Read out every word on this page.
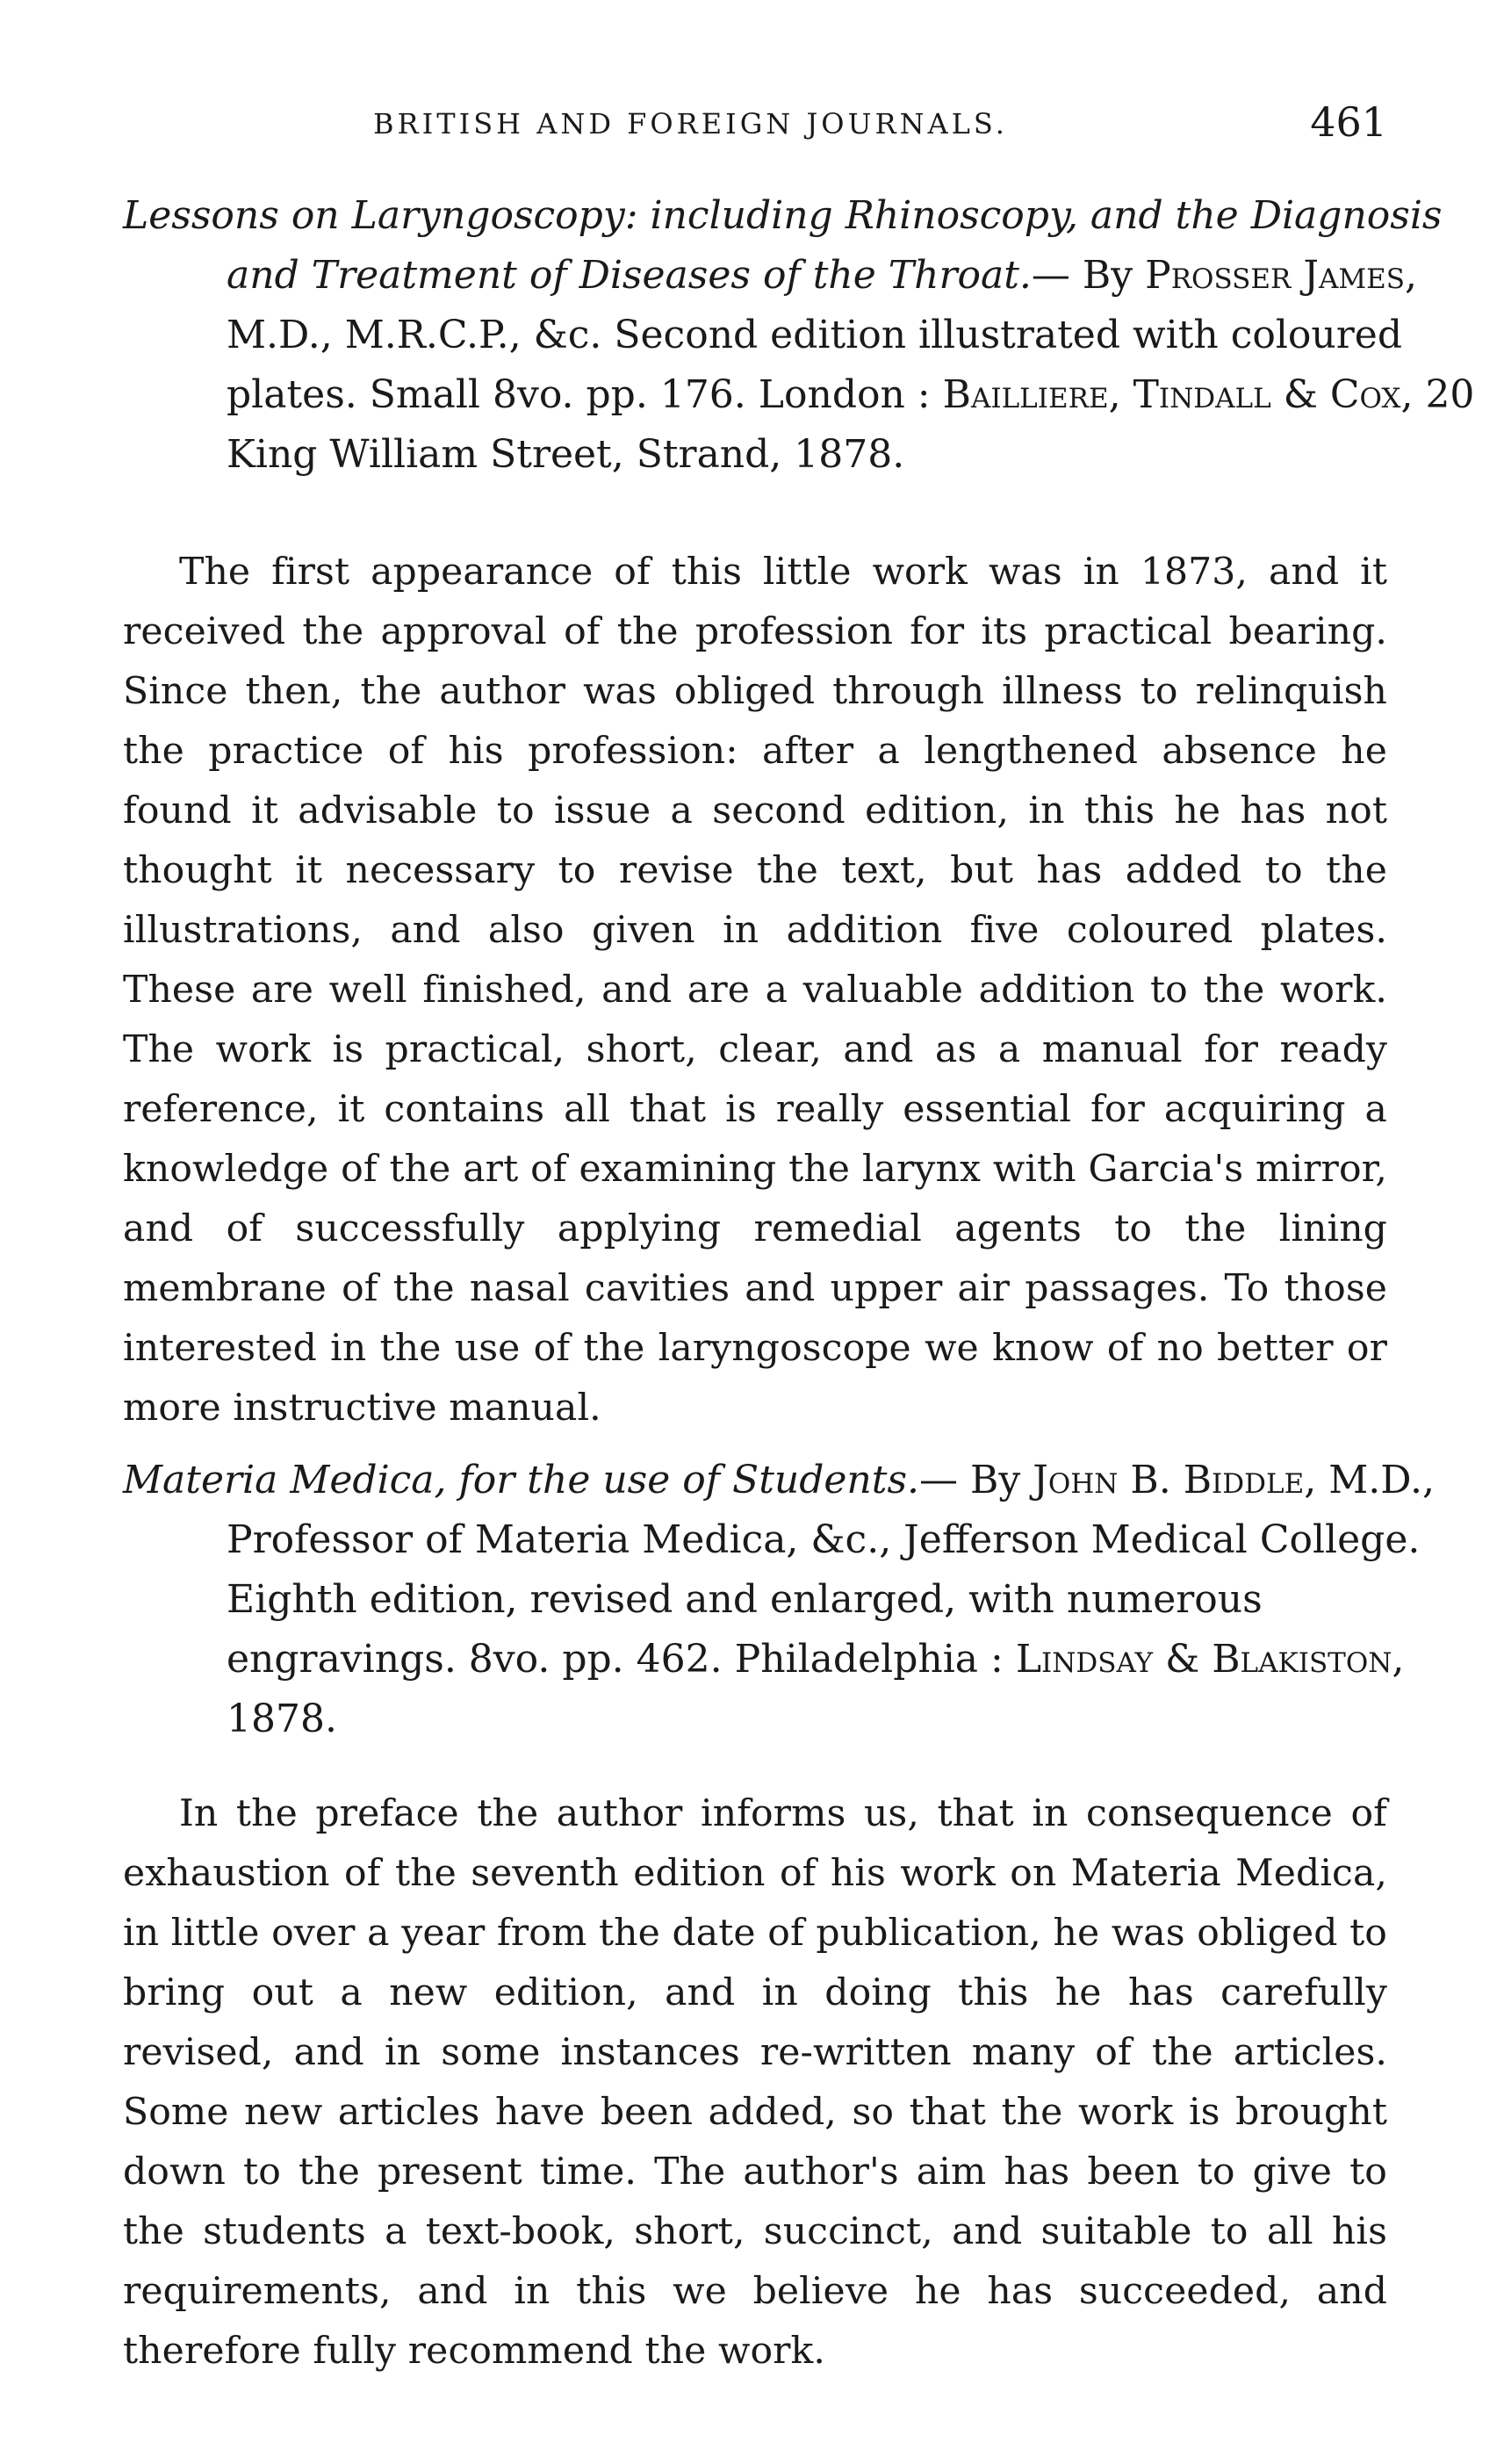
BRITISH AND FOREIGN JOURNALS.	461
Lessons on Laryngoscopy: including Rhinoscopy, and the Diagnosis and Treatment of Diseases of the Throat.— By Prosser James, M.D., M.R.C.P., &c. Second edition illustrated with coloured plates. Small 8vo. pp. 176. London : Bailliere, Tindall & Cox, 20 King William Street, Strand, 1878.

The first appearance of this little work was in 1873, and it received the approval of the profession for its practical bearing. Since then, the author was obliged through illness to relinquish the practice of his profession: after a lengthened absence he found it advisable to issue a second edition, in this he has not thought it necessary to revise the text, but has added to the illustrations, and also given in addition five coloured plates. These are well finished, and are a valuable addition to the work. The work is practical, short, clear, and as a manual for ready reference, it contains all that is really essential for acquiring a knowledge of the art of examining the larynx with Garcia's mirror, and of successfully applying remedial agents to the lining membrane of the nasal cavities and upper air passages. To those interested in the use of the laryngoscope we know of no better or more instructive manual.

Materia Medica, for the use of Students.— By John B. Biddle, M.D., Professor of Materia Medica, &c., Jefferson Medical College. Eighth edition, revised and enlarged, with numerous engravings. 8vo. pp. 462. Philadelphia : Lindsay & Blakiston, 1878.

In the preface the author informs us, that in consequence of exhaustion of the seventh edition of his work on Materia Medica, in little over a year from the date of publication, he was obliged to bring out a new edition, and in doing this he has carefully revised, and in some instances re-written many of the articles. Some new articles have been added, so that the work is brought down to the present time. The author's aim has been to give to the students a text-book, short, succinct, and suitable to all his requirements, and in this we believe he has succeeded, and therefore fully recommend the work.
